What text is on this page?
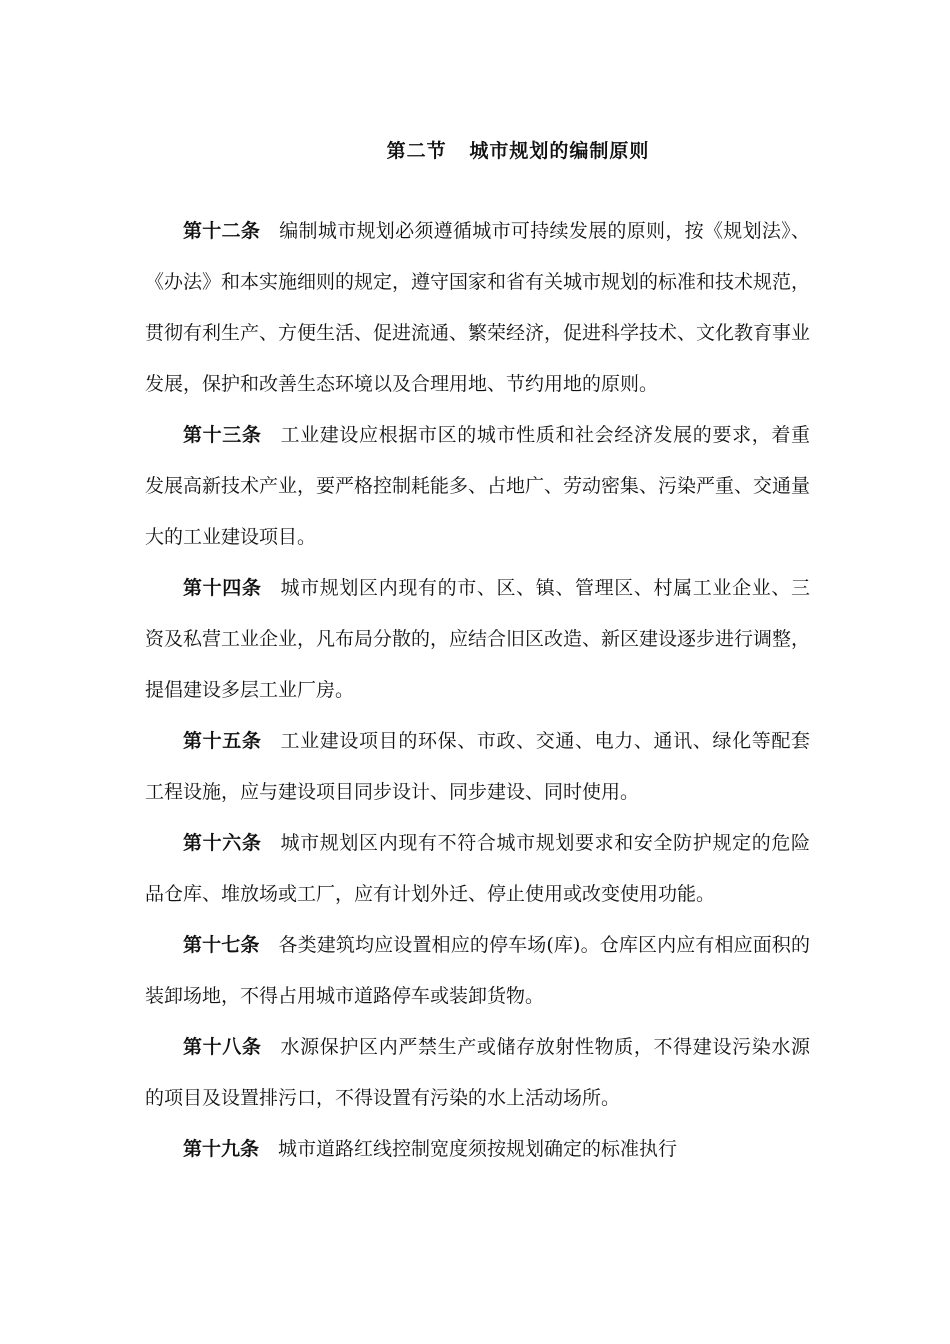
第二节   城市规划的编制原则

第十二条 编制城市规划必须遵循城市可持续发展的原则，按《规划法》、《办法》和本实施细则的规定，遵守国家和省有关城市规划的标准和技术规范，贯彻有利生产、方便生活、促进流通、繁荣经济，促进科学技术、文化教育事业发展，保护和改善生态环境以及合理用地、节约用地的原则。

第十三条 工业建设应根据市区的城市性质和社会经济发展的要求，着重发展高新技术产业，要严格控制耗能多、占地广、劳动密集、污染严重、交通量大的工业建设项目。

第十四条 城市规划区内现有的市、区、镇、管理区、村属工业企业、三资及私营工业企业，凡布局分散的，应结合旧区改造、新区建设逐步进行调整，提倡建设多层工业厂房。

第十五条 工业建设项目的环保、市政、交通、电力、通讯、绿化等配套工程设施，应与建设项目同步设计、同步建设、同时使用。

第十六条 城市规划区内现有不符合城市规划要求和安全防护规定的危险品仓库、堆放场或工厂，应有计划外迁、停止使用或改变使用功能。

第十七条 各类建筑均应设置相应的停车场(库)。仓库区内应有相应面积的装卸场地，不得占用城市道路停车或装卸货物。

第十八条 水源保护区内严禁生产或储存放射性物质，不得建设污染水源的项目及设置排污口，不得设置有污染的水上活动场所。

第十九条 城市道路红线控制宽度须按规划确定的标准执行
